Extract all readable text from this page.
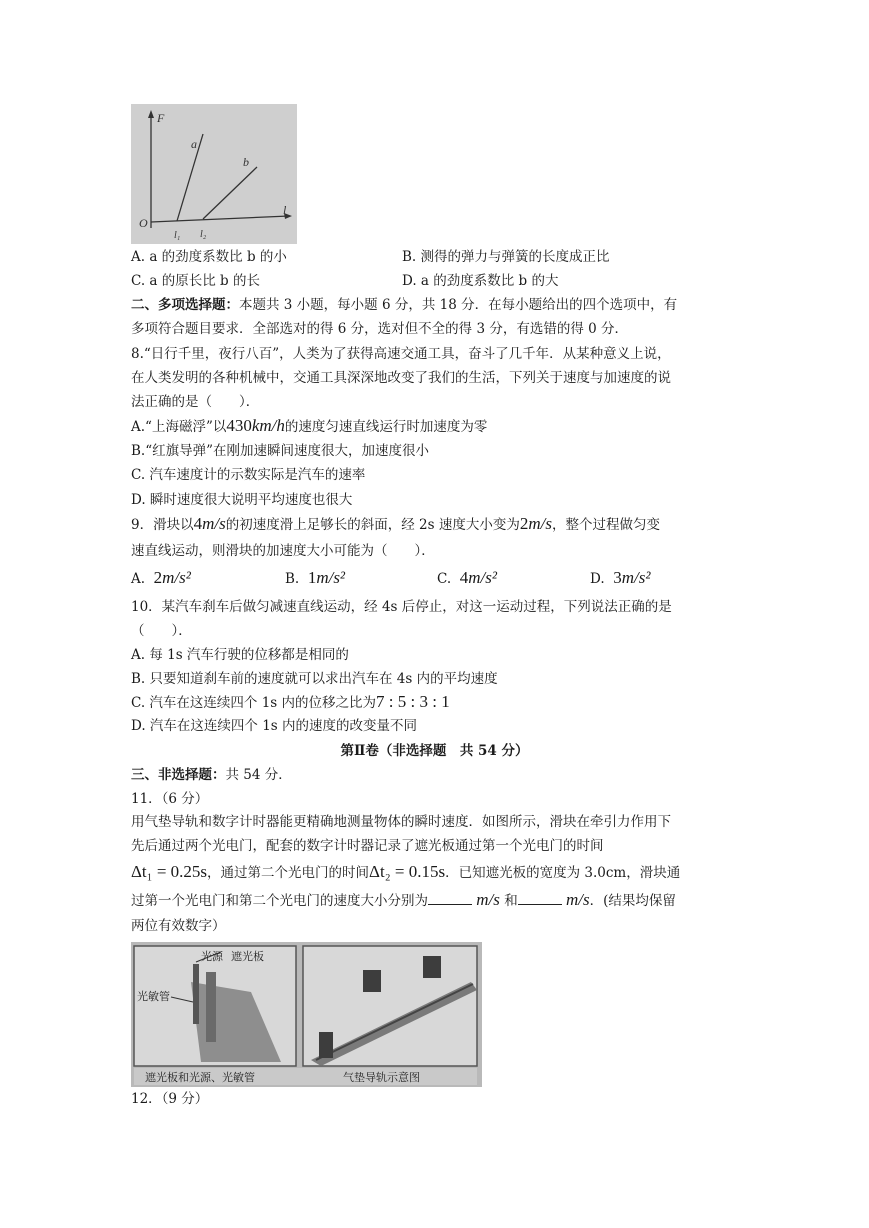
F
O
l
a
b
l₁ l₂
A. a 的劲度系数比 b 的小	B. 测得的弹力与弹簧的长度成正比
C. a 的原长比 b 的长	D. a 的劲度系数比 b 的大
二、多项选择题：本题共 3 小题，每小题 6 分，共 18 分．在每小题给出的四个选项中，有
多项符合题目要求．全部选对的得 6 分，选对但不全的得 3 分，有选错的得 0 分．
8.“日行千里，夜行八百”，人类为了获得高速交通工具，奋斗了几千年．从某种意义上说，
在人类发明的各种机械中，交通工具深深地改变了我们的生活，下列关于速度与加速度的说
法正确的是（　　）．
A.“上海磁浮”以430km/h的速度匀速直线运行时加速度为零
B.“红旗导弹”在刚加速瞬间速度很大，加速度很小
C. 汽车速度计的示数实际是汽车的速率
D. 瞬时速度很大说明平均速度也很大
9．滑块以4m/s的初速度滑上足够长的斜面，经 2s 速度大小变为2m/s，整个过程做匀变
速直线运动，则滑块的加速度大小可能为（　　）．
A. 2m/s²	B. 1m/s²	C. 4m/s²	D. 3m/s²
10．某汽车刹车后做匀减速直线运动，经 4s 后停止，对这一运动过程，下列说法正确的是
（　　）．
A. 每 1s 汽车行驶的位移都是相同的
B. 只要知道刹车前的速度就可以求出汽车在 4s 内的平均速度
C. 汽车在这连续四个 1s 内的位移之比为7 : 5 : 3 : 1
D. 汽车在这连续四个 1s 内的速度的改变量不同
第Ⅱ卷（非选择题　共 54 分）
三、非选择题：共 54 分．
11．（6 分）
用气垫导轨和数字计时器能更精确地测量物体的瞬时速度．如图所示，滑块在牵引力作用下
先后通过两个光电门，配套的数字计时器记录了遮光板通过第一个光电门的时间
Δt₁ = 0.25s，通过第二个光电门的时间Δt₂ = 0.15s．已知遮光板的宽度为 3.0cm，滑块通
过第一个光电门和第二个光电门的速度大小分别为	m/s 和	m/s．(结果均保留
两位有效数字）
光源 遮光板
光敏管
遮光板和光源、光敏管	气垫导轨示意图
12．（9 分）
